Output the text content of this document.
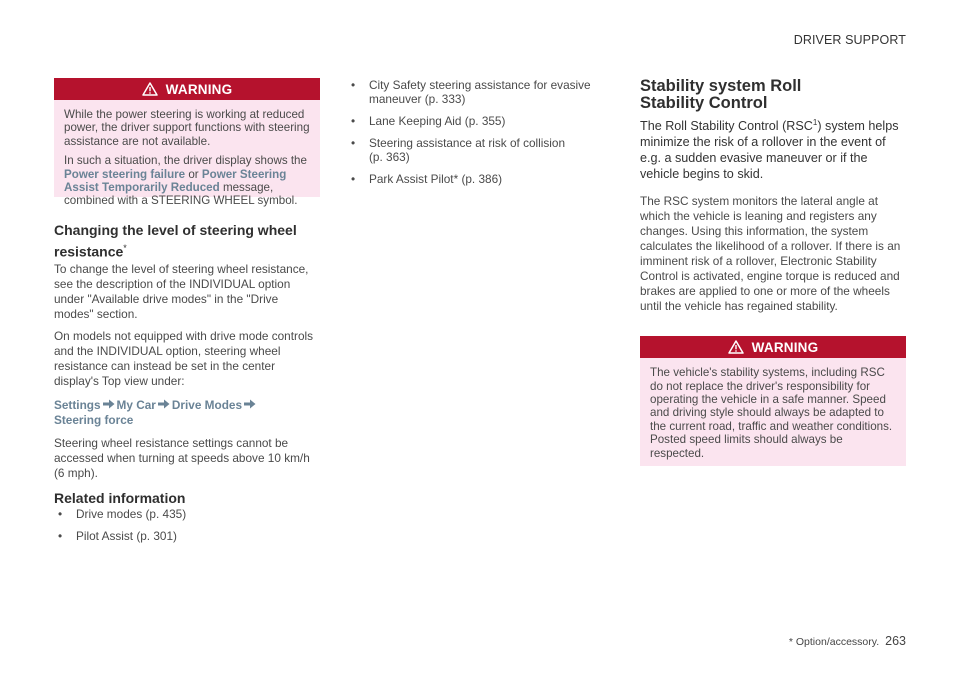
DRIVER SUPPORT
WARNING

While the power steering is working at reduced power, the driver support functions with steering assistance are not available.

In such a situation, the driver display shows the Power steering failure or Power Steering Assist Temporarily Reduced message, combined with a STEERING WHEEL symbol.

Changing the level of steering wheel resistance*

To change the level of steering wheel resistance, see the description of the INDIVIDUAL option under "Available drive modes" in the "Drive modes" section.

On models not equipped with drive mode controls and the INDIVIDUAL option, steering wheel resistance can instead be set in the center display's Top view under:

Settings My Car Drive Modes
Steering force

Steering wheel resistance settings cannot be accessed when turning at speeds above 10 km/h (6 mph).

Related information
• Drive modes (p. 435)
• Pilot Assist (p. 301)
• City Safety steering assistance for evasive maneuver (p. 333)
• Lane Keeping Aid (p. 355)
• Steering assistance at risk of collision (p. 363)
• Park Assist Pilot* (p. 386)
Stability system Roll Stability Control

The Roll Stability Control (RSC$^1$) system helps minimize the risk of a rollover in the event of e.g. a sudden evasive maneuver or if the vehicle begins to skid.

The RSC system monitors the lateral angle at which the vehicle is leaning and registers any changes. Using this information, the system calculates the likelihood of a rollover. If there is an imminent risk of a rollover, Electronic Stability Control is activated, engine torque is reduced and brakes are applied to one or more of the wheels until the vehicle has regained stability.

WARNING

The vehicle's stability systems, including RSC do not replace the driver's responsibility for operating the vehicle in a safe manner. Speed and driving style should always be adapted to the current road, traffic and weather conditions. Posted speed limits should always be respected.

* Option/accessory. 263
